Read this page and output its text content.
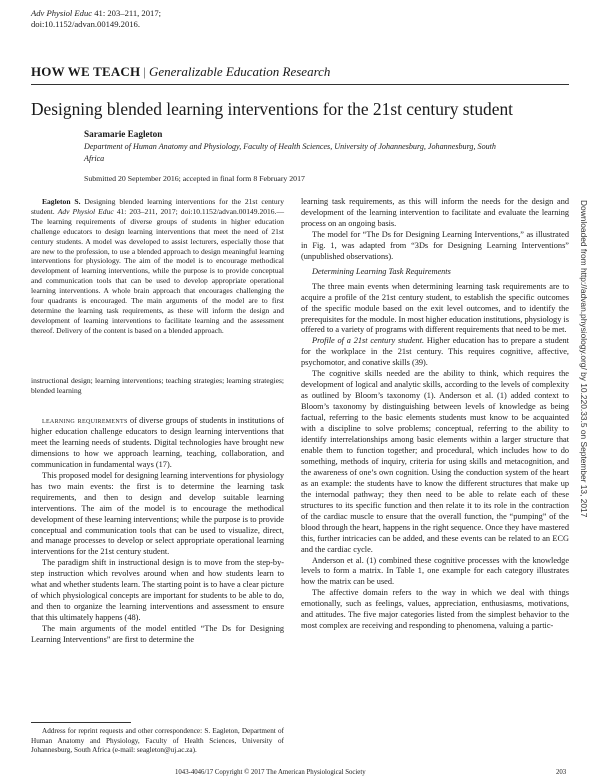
Adv Physiol Educ 41: 203–211, 2017;
doi:10.1152/advan.00149.2016.
HOW WE TEACH | Generalizable Education Research
Designing blended learning interventions for the 21st century student
Saramarie Eagleton
Department of Human Anatomy and Physiology, Faculty of Health Sciences, University of Johannesburg, Johannesburg, South Africa
Submitted 20 September 2016; accepted in final form 8 February 2017

Eagleton S. Designing blended learning interventions for the 21st century student. Adv Physiol Educ 41: 203–211, 2017; doi:10.1152/advan.00149.2016.—The learning requirements of diverse groups of students in higher education challenge educators to design learning interventions that meet the need of 21st century students. A model was developed to assist lecturers, especially those that are new to the profession, to use a blended approach to design meaningful learning interventions for physiology. The aim of the model is to encourage methodical development of learning interventions, while the purpose is to provide conceptual and communication tools that can be used to develop appropriate operational learning interventions. A whole brain approach that encourages challenging the four quadrants is encouraged. The main arguments of the model are to first determine the learning task requirements, as these will inform the design and development of learning interventions to facilitate learning and the assessment thereof. Delivery of the content is based on a blended approach.

instructional design; learning interventions; teaching strategies; learning strategies; blended learning

learning requirements of diverse groups of students in institutions of higher education challenge educators to design learning interventions that meet the learning needs of students. Digital technologies have brought new dimensions to how we approach learning, teaching, collaboration, and communication in fundamental ways (17).

This proposed model for designing learning interventions for physiology has two main events: the first is to determine the learning task requirements, and then to design and develop suitable learning interventions. The aim of the model is to encourage the methodical development of these learning interventions; while the purpose is to provide conceptual and communication tools that can be used to visualize, direct, and manage processes to develop or select appropriate operational learning interventions for the 21st century student.

The paradigm shift in instructional design is to move from the step-by-step instruction which revolves around when and how students learn to what and whether students learn. The starting point is to have a clear picture of which physiological concepts are important for students to be able to do, and then to organize the learning interventions and assessment to ensure that this ultimately happens (48).

The main arguments of the model entitled “The Ds for Designing Learning Interventions” are first to determine the

Address for reprint requests and other correspondence: S. Eagleton, Department of Human Anatomy and Physiology, Faculty of Health Sciences, University of Johannesburg, South Africa (e-mail: seagleton@uj.ac.za).

learning task requirements, as this will inform the needs for the design and development of the learning intervention to facilitate and evaluate the learning process on an ongoing basis.

The model for “The Ds for Designing Learning Interventions,” as illustrated in Fig. 1, was adapted from “3Ds for Designing Learning Interventions” (unpublished observations).

Determining Learning Task Requirements

The three main events when determining learning task requirements are to acquire a profile of the 21st century student, to establish the specific outcomes of the specific module based on the exit level outcomes, and to identify the prerequisites for the module. In most higher education institutions, physiology is offered to a variety of programs with different requirements that need to be met.

Profile of a 21st century student. Higher education has to prepare a student for the workplace in the 21st century. This requires cognitive, affective, psychomotor, and conative skills (39).

The cognitive skills needed are the ability to think, which requires the development of logical and analytic skills, according to the levels of complexity as outlined by Bloom’s taxonomy (1). Anderson et al. (1) added context to Bloom’s taxonomy by distinguishing between levels of knowledge as being factual, referring to the basic elements students must know to be acquainted with a discipline to solve problems; conceptual, referring to the ability to identify interrelationships among basic elements within a larger structure that enable them to function together; and procedural, which includes how to do something, methods of inquiry, criteria for using skills and metacognition, and the awareness of one’s own cognition. Using the conduction system of the heart as an example: the students have to know the different structures that make up the internodal pathway; they then need to be able to relate each of these structures to its specific function and then relate it to its role in the contraction of the cardiac muscle to ensure that the overall function, the “pumping” of the blood through the heart, happens in the right sequence. Once they have mastered this, further intricacies can be added, and these events can be related to an ECG and the cardiac cycle.

Anderson et al. (1) combined these cognitive processes with the knowledge levels to form a matrix. In Table 1, one example for each category illustrates how the matrix can be used.

The affective domain refers to the way in which we deal with things emotionally, such as feelings, values, appreciation, enthusiasms, motivations, and attitudes. The five major categories listed from the simplest behavior to the most complex are receiving and responding to phenomena, valuing a partic-

1043-4046/17 Copyright © 2017 The American Physiological Society	203
Downloaded from http://advan.physiology.org/ by 10.220.33.5 on September 13, 2017
